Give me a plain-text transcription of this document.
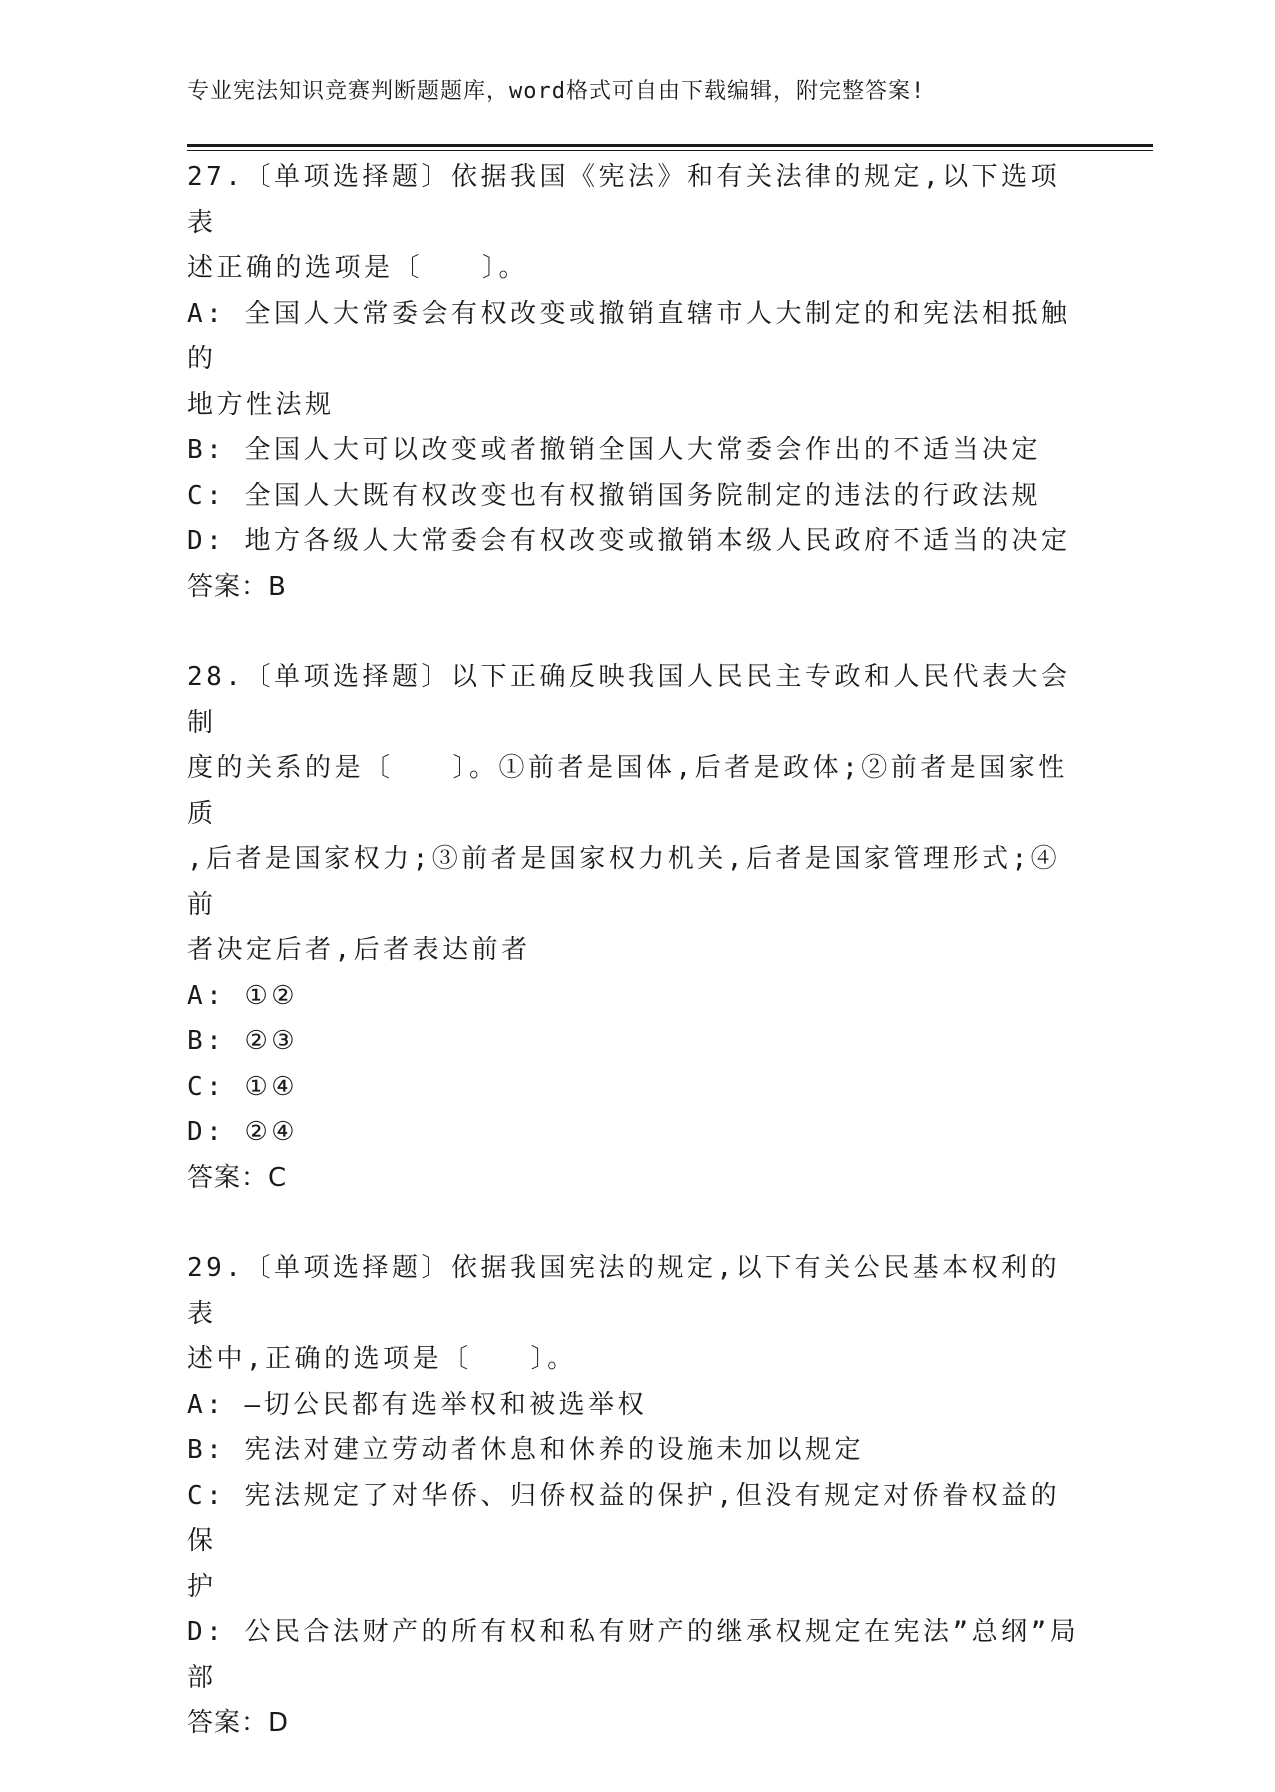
专业宪法知识竞赛判断题题库，word格式可自由下载编辑，附完整答案!
27.〔单项选择题〕依据我国《宪法》和有关法律的规定,以下选项表
述正确的选项是〔　　〕。
A: 全国人大常委会有权改变或撤销直辖市人大制定的和宪法相抵触的
地方性法规
B: 全国人大可以改变或者撤销全国人大常委会作出的不适当决定
C: 全国人大既有权改变也有权撤销国务院制定的违法的行政法规
D: 地方各级人大常委会有权改变或撤销本级人民政府不适当的决定
答案：B
28.〔单项选择题〕以下正确反映我国人民民主专政和人民代表大会制
度的关系的是〔　　〕。①前者是国体,后者是政体;②前者是国家性质
,后者是国家权力;③前者是国家权力机关,后者是国家管理形式;④前
者决定后者,后者表达前者
A: ①②
B: ②③
C: ①④
D: ②④
答案：C
29.〔单项选择题〕依据我国宪法的规定,以下有关公民基本权利的表
述中,正确的选项是〔　　〕。
A: —切公民都有选举权和被选举权
B: 宪法对建立劳动者休息和休养的设施未加以规定
C: 宪法规定了对华侨、归侨权益的保护,但没有规定对侨眷权益的保
护
D: 公民合法财产的所有权和私有财产的继承权规定在宪法”总纲”局
部
答案：D
